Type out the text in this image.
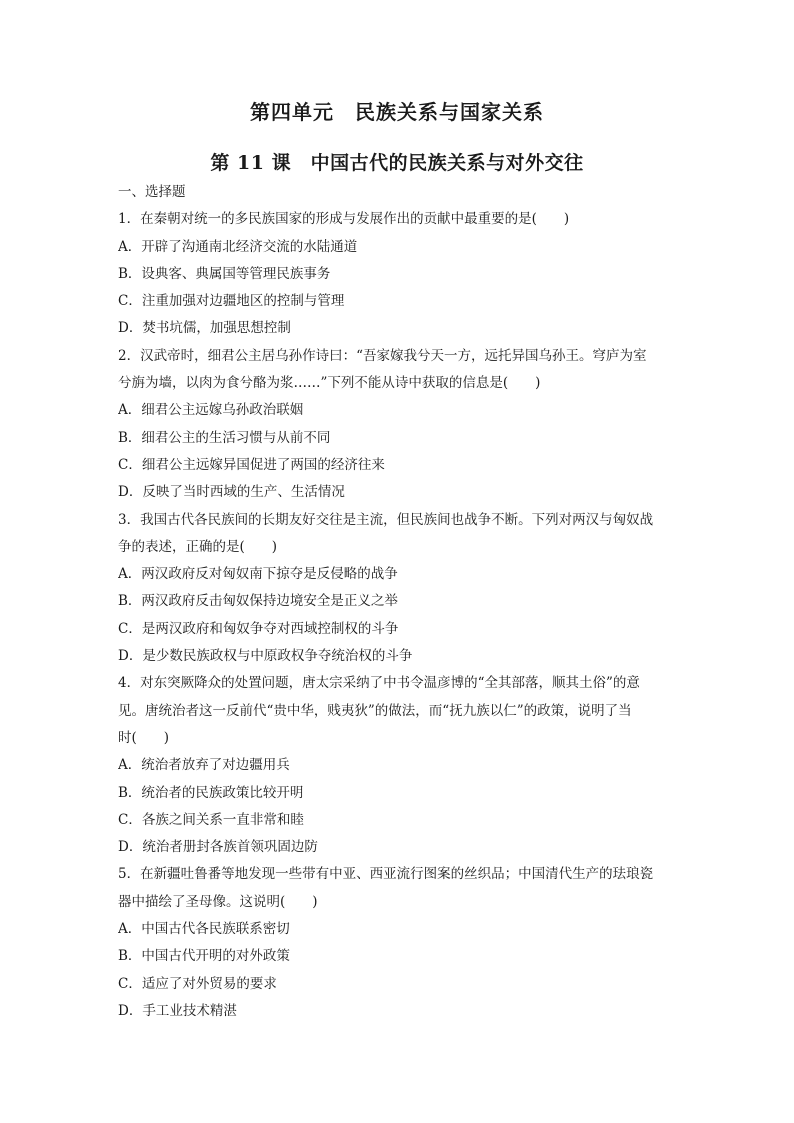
第四单元　民族关系与国家关系
第 11 课　中国古代的民族关系与对外交往
一、选择题
1．在秦朝对统一的多民族国家的形成与发展作出的贡献中最重要的是(　　)
A．开辟了沟通南北经济交流的水陆通道
B．设典客、典属国等管理民族事务
C．注重加强对边疆地区的控制与管理
D．焚书坑儒，加强思想控制
2．汉武帝时，细君公主居乌孙作诗曰：“吾家嫁我兮天一方，远托异国乌孙王。穹庐为室
兮旃为墙，以肉为食兮酪为浆……”下列不能从诗中获取的信息是(　　)
A．细君公主远嫁乌孙政治联姻
B．细君公主的生活习惯与从前不同
C．细君公主远嫁异国促进了两国的经济往来
D．反映了当时西域的生产、生活情况
3．我国古代各民族间的长期友好交往是主流，但民族间也战争不断。下列对两汉与匈奴战
争的表述，正确的是(　　)
A．两汉政府反对匈奴南下掠夺是反侵略的战争
B．两汉政府反击匈奴保持边境安全是正义之举
C．是两汉政府和匈奴争夺对西域控制权的斗争
D．是少数民族政权与中原政权争夺统治权的斗争
4．对东突厥降众的处置问题，唐太宗采纳了中书令温彦博的“全其部落，顺其土俗”的意
见。唐统治者这一反前代“贵中华，贱夷狄”的做法，而“抚九族以仁”的政策，说明了当
时(　　)
A．统治者放弃了对边疆用兵
B．统治者的民族政策比较开明
C．各族之间关系一直非常和睦
D．统治者册封各族首领巩固边防
5．在新疆吐鲁番等地发现一些带有中亚、西亚流行图案的丝织品；中国清代生产的珐琅瓷
器中描绘了圣母像。这说明(　　)
A．中国古代各民族联系密切
B．中国古代开明的对外政策
C．适应了对外贸易的要求
D．手工业技术精湛
